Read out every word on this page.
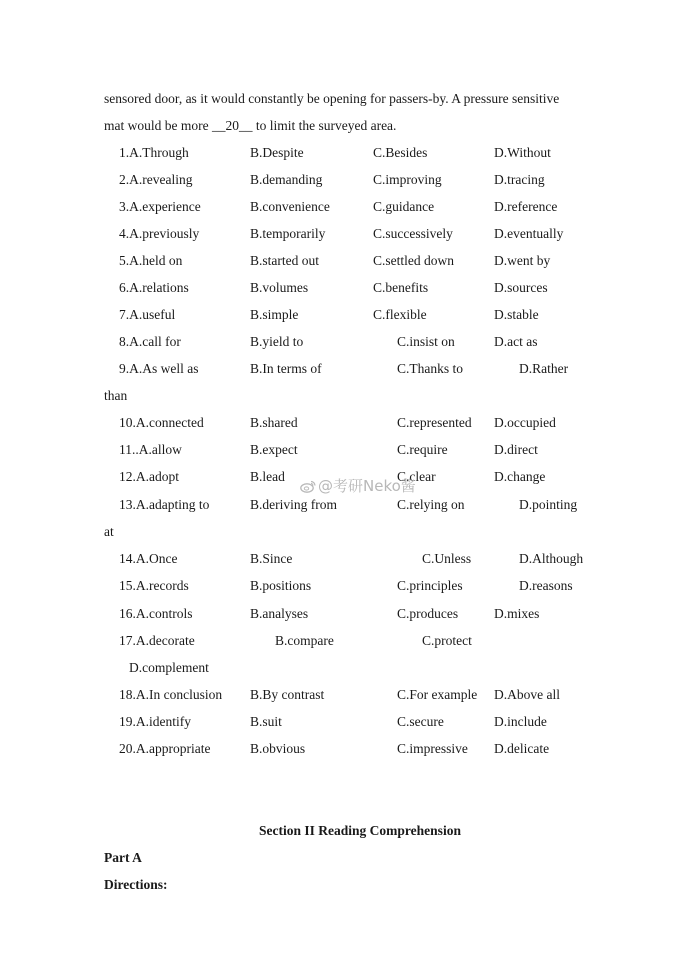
sensored door, as it would constantly be opening for passers-by. A pressure sensitive
mat would be more __20__ to limit the surveyed area.
1.A.Through	B.Despite	C.Besides	D.Without
2.A.revealing	B.demanding	C.improving	D.tracing
3.A.experience	B.convenience	C.guidance	D.reference
4.A.previously	B.temporarily	C.successively	D.eventually
5.A.held on	B.started out	C.settled down	D.went by
6.A.relations	B.volumes	C.benefits	D.sources
7.A.useful	B.simple	C.flexible	D.stable
8.A.call for	B.yield to	C.insist on	D.act as
9.A.As well as	B.In terms of	C.Thanks to	D.Rather
than
10.A.connected	B.shared	C.represented D.occupied
11..A.allow	B.expect	C.require	D.direct
12.A.adopt	B.lead	C.clear	D.change
13.A.adapting to	B.deriving from	C.relying on	D.pointing
at
14.A.Once	B.Since	C.Unless	D.Although
15.A.records	B.positions	C.principles	D.reasons
16.A.controls	B.analyses	C.produces	D.mixes
17.A.decorate	B.compare	C.protect
D.complement
18.A.In conclusion B.By contrast	C.For example D.Above all
19.A.identify	B.suit	C.secure	D.include
20.A.appropriate	B.obvious	C.impressive D.delicate
Section II Reading Comprehension
Part A
Directions:
@考研Neko酱
